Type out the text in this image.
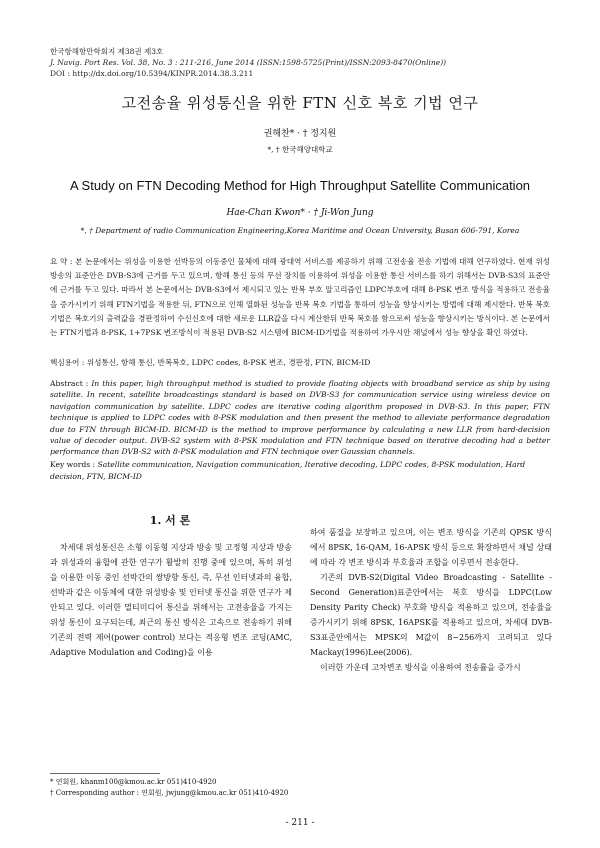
한국항해항만학회지 제38권 제3호
J. Navig. Port Res. Vol. 38, No. 3 : 211-216, June 2014 (ISSN:1598-5725(Print)/ISSN:2093-8470(Online))
DOI : http://dx.doi.org/10.5394/KINPR.2014.38.3.211
고전송율 위성통신을 위한 FTN 신호 복호 기법 연구
권해찬* · † 정지원
*, † 한국해양대학교
A Study on FTN Decoding Method for High Throughput Satellite Communication
Hae-Chan Kwon* · † Ji-Won Jung
*, † Department of radio Communication Engineering,Korea Maritime and Ocean University, Busan 606-791, Korea
요 약 : 본 논문에서는 위성을 이용한 선박등의 이동중인 물체에 대해 광대역 서비스를 제공하기 위해 고전송율 전송 기법에 대해 연구하였다. 현재 위성 방송의 표준안은 DVB-S3에 근거를 두고 있으며, 항해 통신 등의 무선 장치를 이용하여 위성을 이용한 통신 서비스를 하기 위해서는 DVB-S3의 표준안에 근거를 두고 있다. 따라서 본 논문에서는 DVB-S3에서 제시되고 있는 반복 부호 알고리즘인 LDPC부호에 대해 8-PSK 변조 방식을 적용하고 전송율을 증가시키기 위해 FTN기법을 적용한 뒤, FTN으로 인해 열화된 성능을 반복 복호 기법을 통하여 성능을 향상시키는 방법에 대해 제시한다. 반복 복호 기법은 복호기의 출력값을 경판정하여 수신신호에 대한 새로운 LLR값을 다시 계산한뒤 반복 복호를 함으로써 성능을 향상시키는 방식이다. 본 논문에서는 FTN기법과 8-PSK, 1+7PSK 변조방식이 적용된 DVB-S2 시스템에 BICM-ID기법을 적용하여 가우시안 채널에서 성능 향상을 확인 하였다.
핵심용어 : 위성통신, 항해 통신, 반복복호, LDPC codes, 8-PSK 변조, 경판정, FTN, BICM-ID
Abstract : In this paper, high throughput method is studied to provide floating objects with broadband service as ship by using satellite. In recent, satellite broadcastings standard is based on DVB-S3 for communication service using wireless device on navigation communication by satellite. LDPC codes are iterative coding algorithm proposed in DVB-S3. In this paper, FTN technique is applied to LDPC codes with 8-PSK modulation and then present the method to alleviate performance degradation due to FTN through BICM-ID. BICM-ID is the method to improve performance by calculating a new LLR from hard-decision value of decoder output. DVB-S2 system with 8-PSK modulation and FTN technique based on iterative decoding had a better performance than DVB-S2 with 8-PSK modulation and FTN technique over Gaussian channels.
Key words : Satellite communication, Navigation communication, Iterative decoding, LDPC codes, 8-PSK modulation, Hard decision, FTN, BICM-ID
1. 서 론

차세대 위성통신은 소형 이동형 지상과 방송 및 고정형 지상과 방송과 위성과의 융합에 관한 연구가 활발히 진행 중에 있으며, 특히 위성을 이용한 이동 중인 선박간의 쌍방향 통신, 즉, 무선 인터넷과의 융합, 선박과 같은 이동체에 대한 위성방송 및 인터넷 통신을 위한 연구가 제안되고 있다. 이러한 멀티미디어 통신을 위해서는 고전송율을 가지는 위성 통신이 요구되는데, 최근의 통신 방식은 고속으로 전송하기 위해 기존의 전력 제어(power control) 보다는 적응형 변조 코딩(AMC, Adaptive Modulation and Coding)을 이용

하여 품질을 보장하고 있으며, 이는 변조 방식을 기존의 QPSK 방식에서 8PSK, 16-QAM, 16-APSK 방식 등으로 확장하면서 채널 상태에 따라 각 변조 방식과 부호율과 조합을 이루면서 전송한다.

기존의 DVB-S2(Digital Video Broadcasting - Satellite - Second Generation)표준안에서는 복호 방식을 LDPC(Low Density Parity Check) 부호화 방식을 적용하고 있으며, 전송율을 증가시키기 위해 8PSK, 16APSK를 적용하고 있으며, 차세대 DVB-S3표준안에서는 MPSK의 M값이 8~256까지 고려되고 있다Mackay(1996)Lee(2006).

이러한 가운데 고차변조 방식을 이용하여 전송률을 증가시

* 연회원, khanm100@kmou.ac.kr 051)410-4920
† Corresponding author : 연회원, jwjung@kmou.ac.kr 051)410-4920
- 211 -
